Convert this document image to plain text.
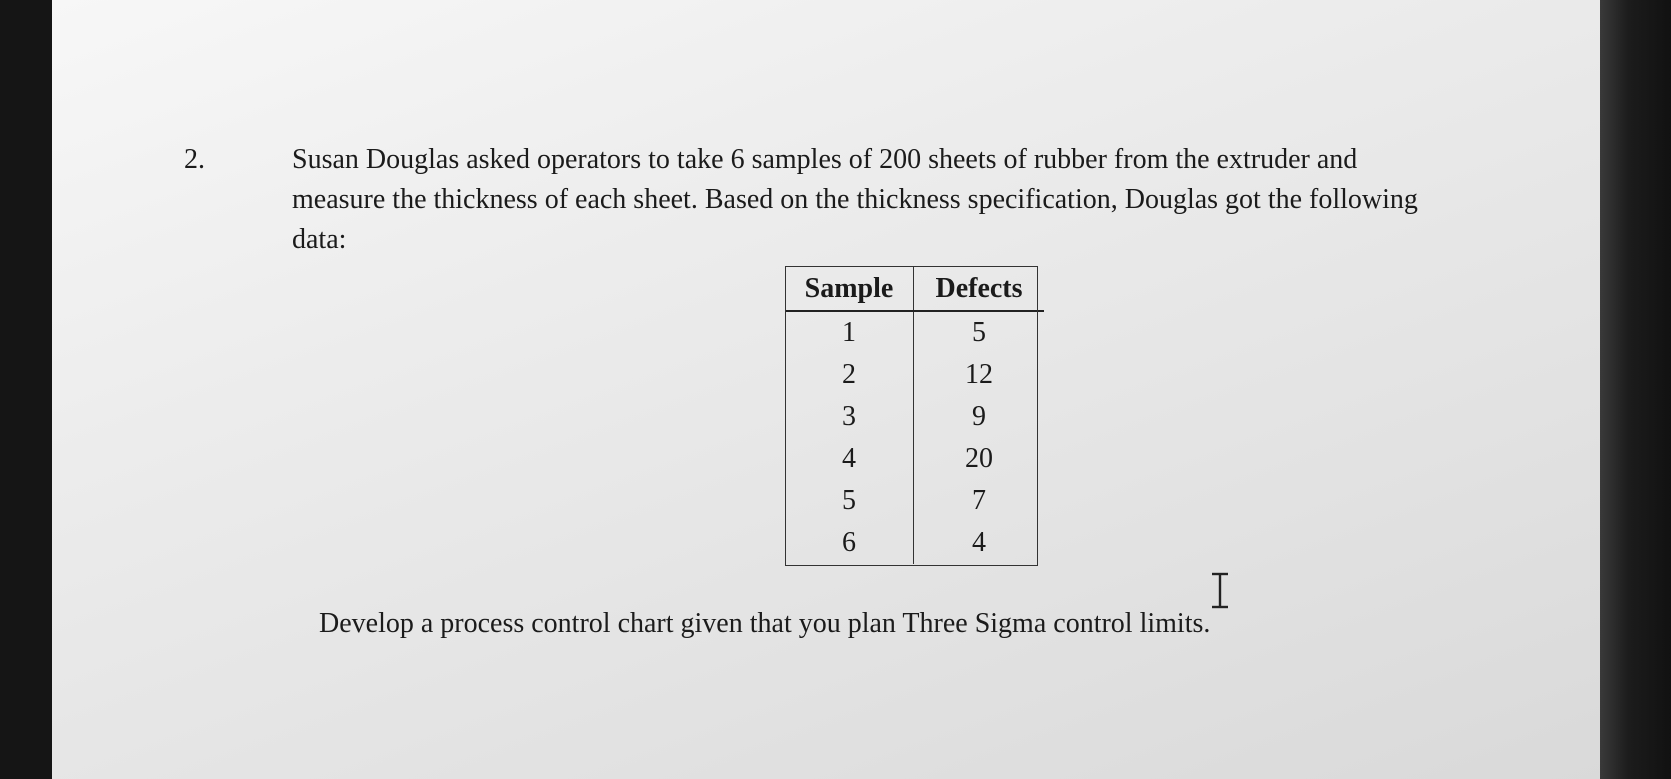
2.	Susan Douglas asked operators to take 6 samples of 200 sheets of rubber from the extruder and
measure the thickness of each sheet. Based on the thickness specification, Douglas got the following
data:
Sample	Defects
1	5
2	12
3	9
4	20
5	7
6	4
Develop a process control chart given that you plan Three Sigma control limits.
